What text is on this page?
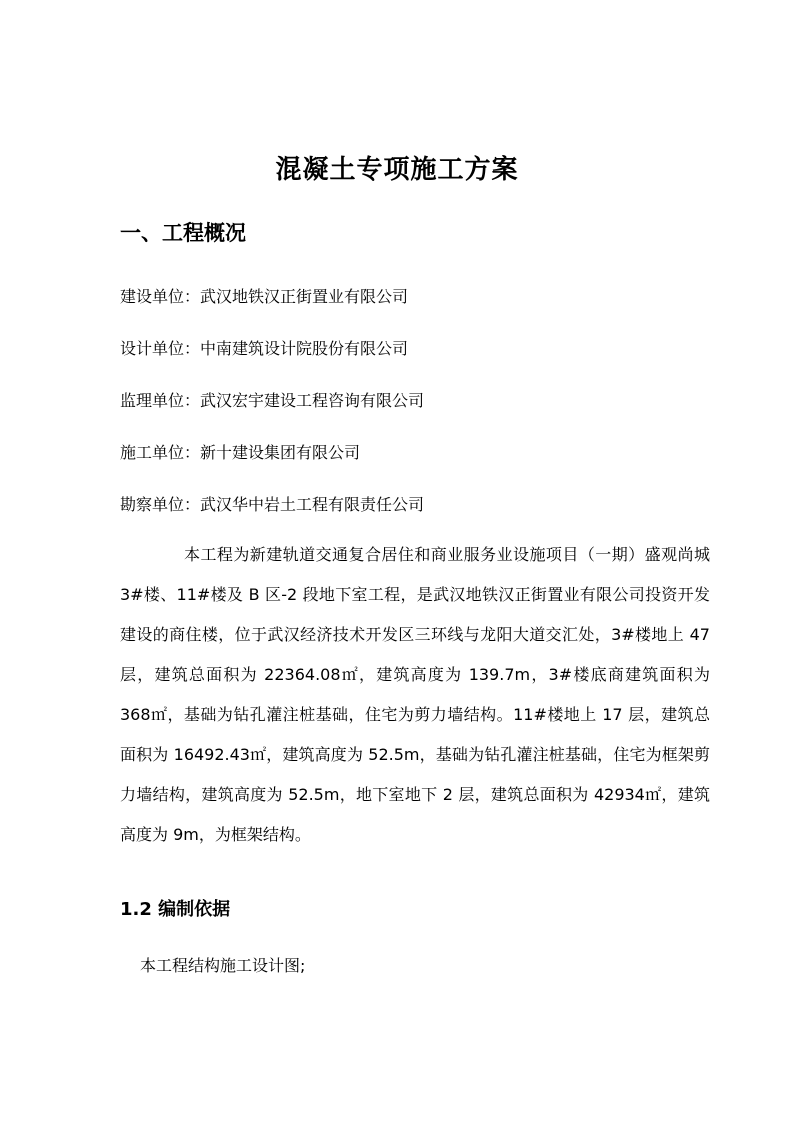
混凝土专项施工方案
一、工程概况
建设单位：武汉地铁汉正街置业有限公司
设计单位：中南建筑设计院股份有限公司
监理单位：武汉宏宇建设工程咨询有限公司
施工单位：新十建设集团有限公司
勘察单位：武汉华中岩土工程有限责任公司

本工程为新建轨道交通复合居住和商业服务业设施项目（一期）盛观尚城 3#楼、11#楼及 B 区-2 段地下室工程，是武汉地铁汉正街置业有限公司投资开发建设的商住楼，位于武汉经济技术开发区三环线与龙阳大道交汇处，3#楼地上 47 层，建筑总面积为 22364.08㎡，建筑高度为 139.7m，3#楼底商建筑面积为 368㎡，基础为钻孔灌注桩基础，住宅为剪力墙结构。11#楼地上 17 层，建筑总面积为 16492.43㎡，建筑高度为 52.5m，基础为钻孔灌注桩基础，住宅为框架剪力墙结构，建筑高度为 52.5m，地下室地下 2 层，建筑总面积为 42934㎡，建筑高度为 9m，为框架结构。

1.2 编制依据
本工程结构施工设计图;
